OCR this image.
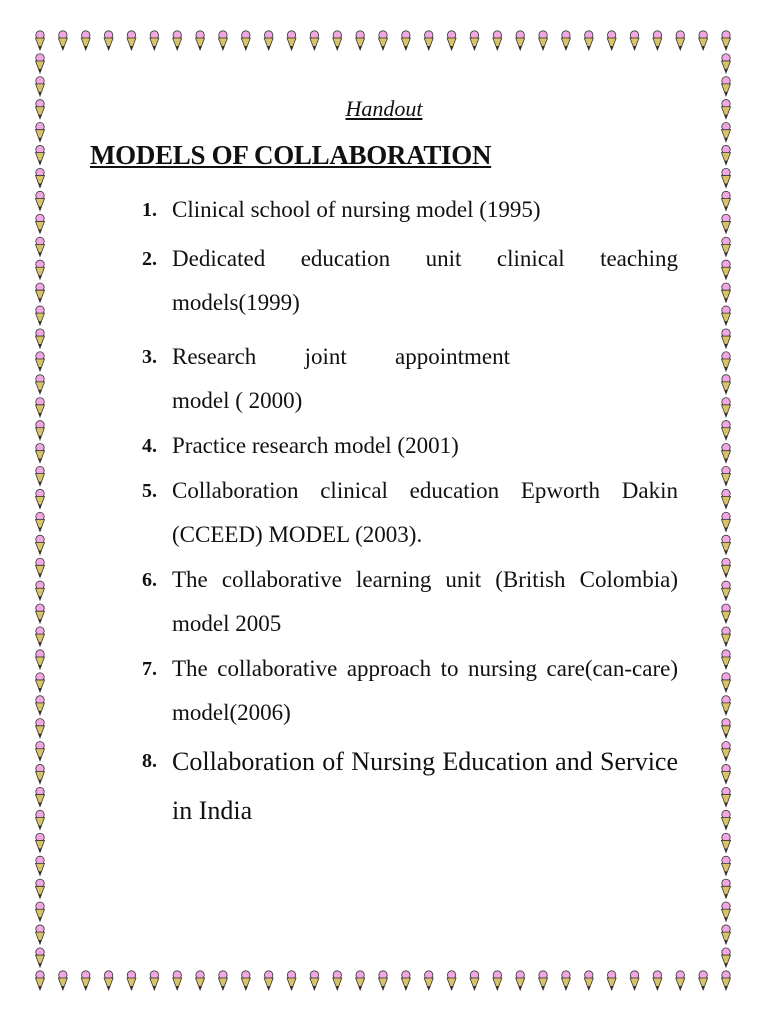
Handout
MODELS OF COLLABORATION
1. Clinical school of nursing model (1995)
2. Dedicated education unit clinical teaching models(1999)
3. Research joint appointment
model ( 2000)
4. Practice research model (2001)
5. Collaboration clinical education Epworth Dakin (CCEED) MODEL (2003).
6. The collaborative learning unit (British Colombia) model 2005
7. The collaborative approach to nursing care(can-care) model(2006)
8. Collaboration of Nursing Education and Service in India
